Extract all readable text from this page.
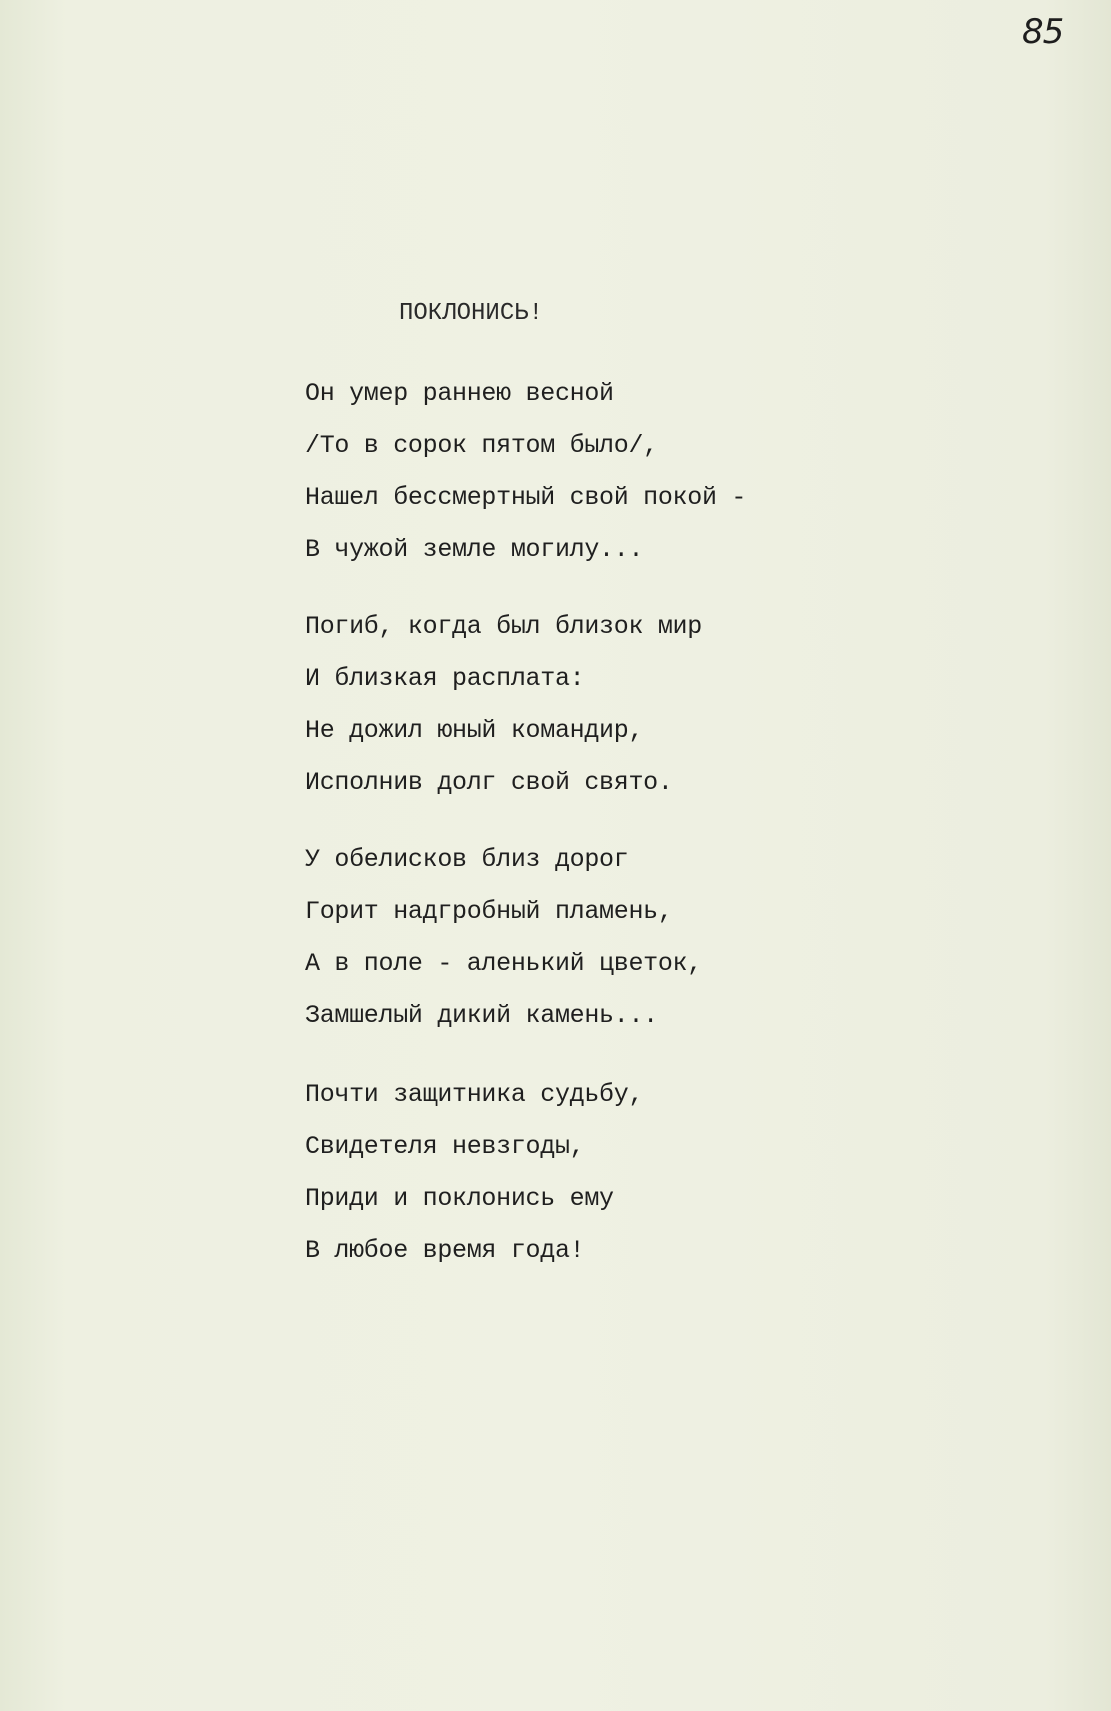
85
ПОКЛОНИСЬ!
Он умер раннею весной
/То в сорок пятом было/,
Нашел бессмертный свой покой -
В чужой земле могилу...
Погиб, когда был близок мир
И близкая расплата:
Не дожил юный командир,
Исполнив долг свой свято.
У обелисков близ дорог
Горит надгробный пламень,
А в поле - аленький цветок,
Замшелый дикий камень...
Почти защитника судьбу,
Свидетеля невзгоды,
Приди и поклонись ему
В любое время года!
